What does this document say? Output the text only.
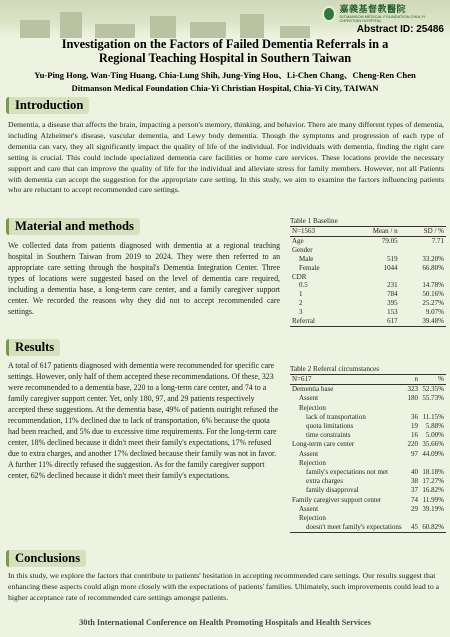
嘉義基督教醫院
DITMANSON MEDICAL FOUNDATION CHIA-YI CHRISTIAN HOSPITAL
Abstract ID: 25486
Investigation on the Factors of Failed Dementia Referrals in a
Regional Teaching Hospital in Southern Taiwan
Yu-Ping Hong, Wan-Ting Huang, Chia-Lung Shih, Jung-Ying Hou、Li-Chen Chang、Cheng-Ren Chen
Ditmanson Medical Foundation Chia-Yi Christian Hospital, Chia-Yi City, TAIWAN
Introduction
Dementia, a disease that affects the brain, impacting a person's memory, thinking, and behavior. There are many different types of dementia, including Alzheimer's disease, vascular dementia, and Lewy body dementia. Though the symptoms and progression of each type of dementia can vary, they all significantly impact the quality of life of the individual. For individuals with dementia, finding the right care setting is crucial. This could include specialized dementia care facilities or home care services. These locations provide the necessary support and care that can improve the quality of life for the individual and alleviate stress for family members. However, not all Patients with dementia can accept the suggestion for the appropriate care setting. In this study, we aim to examine the factors influencing patients who are reluctant to accept recommended care settings.
Material and methods
We collected data from patients diagnosed with dementia at a regional teaching hospital in Southern Taiwan from 2019 to 2024. They were then referred to an appropriate care setting through the hospital's Dementia Integration Center. Three types of locations were suggested based on the level of dementia care required, including a dementia base, a long-term care center, and a family caregiver support center. We recorded the reasons why they did not to accept recommended care settings.
Results
A total of 617 patients diagnosed with dementia were recommended for specific care settings. However, only half of them accepted these recommendations. Of these, 323 were recommended to a dementia base, 220 to a long-term care center, and 74 to a family caregiver support center. Yet, only 180, 97, and 29 patients respectively accepted these suggestions. At the dementia base, 49% of patients outright refused the recommendation, 11% declined due to lack of transportation, 6% because the quota had been reached, and 5% due to excessive time requirements. For the long-term care center, 18% declined because it didn't meet their family's expectations, 17% refused due to extra charges, and another 17% declined because their family was not in favor. A further 11% directly refused the suggestion. As for the family caregiver support center, 62% declined because it didn't meet their family's expectations.
Table 1 Baseline
N=1563	Mean / n	SD / %
Age	79.05	7.71
Gender		
Male	519	33.20%
Female	1044	66.80%
CDR		
0.5	231	14.78%
1	784	50.16%
2	395	25.27%
3	153	9.07%
Referral	617	39.48%
Table 2 Referral circumstances
N=617	n	%
Dementia base	323	52.35%
Assent	180	55.73%
Rejection		
lack of transportation	36	11.15%
quota limitations	19	5.88%
time constraints	16	5.00%
Long-term care center	220	35.66%
Assent	97	44.09%
Rejection		
family's expectations not met	40	18.18%
extra charges	38	17.27%
family disapproval	37	16.82%
Family caregiver support center	74	11.99%
Assent	29	39.19%
Rejection		
doesn't meet family's expectations	45	60.82%
Conclusions
In this study, we explore the factors that contribute to patients' hesitation in accepting recommended care settings. Our results suggest that enhancing these aspects could align more closely with the expectations of patients' families. Ultimately, such improvements could lead to a higher acceptance rate of recommended care settings amongst patients.
30th International Conference on Health Promoting Hospitals and Health Services
